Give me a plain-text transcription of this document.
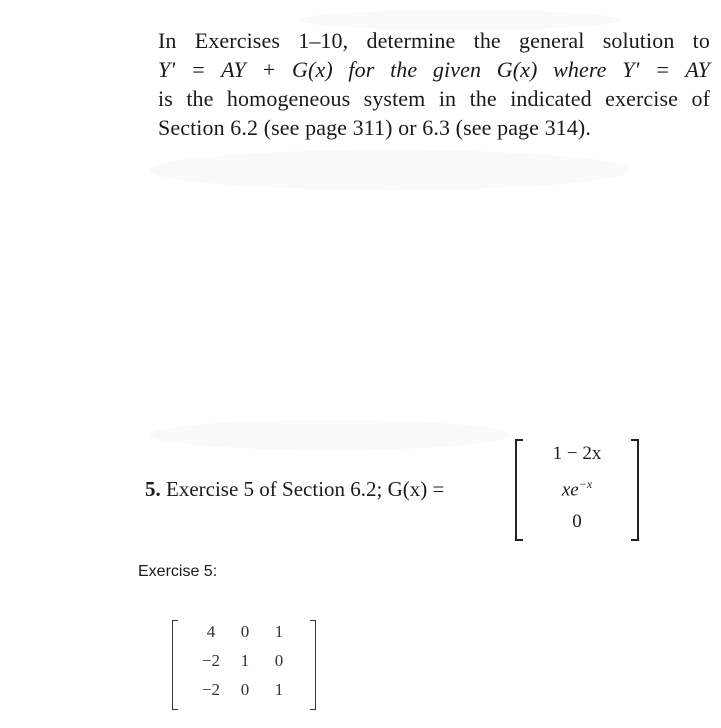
In Exercises 1–10, determine the general solution to
Y′ = AY + G(x) for the given G(x) where Y′ = AY
is the homogeneous system in the indicated exercise of
Section 6.2 (see page 311) or 6.3 (see page 314).
5. Exercise 5 of Section 6.2; G(x) =
1 − 2x
$xe^{-x}$
0
Exercise 5:
4	0	1
−2	1	0
−2	0	1
